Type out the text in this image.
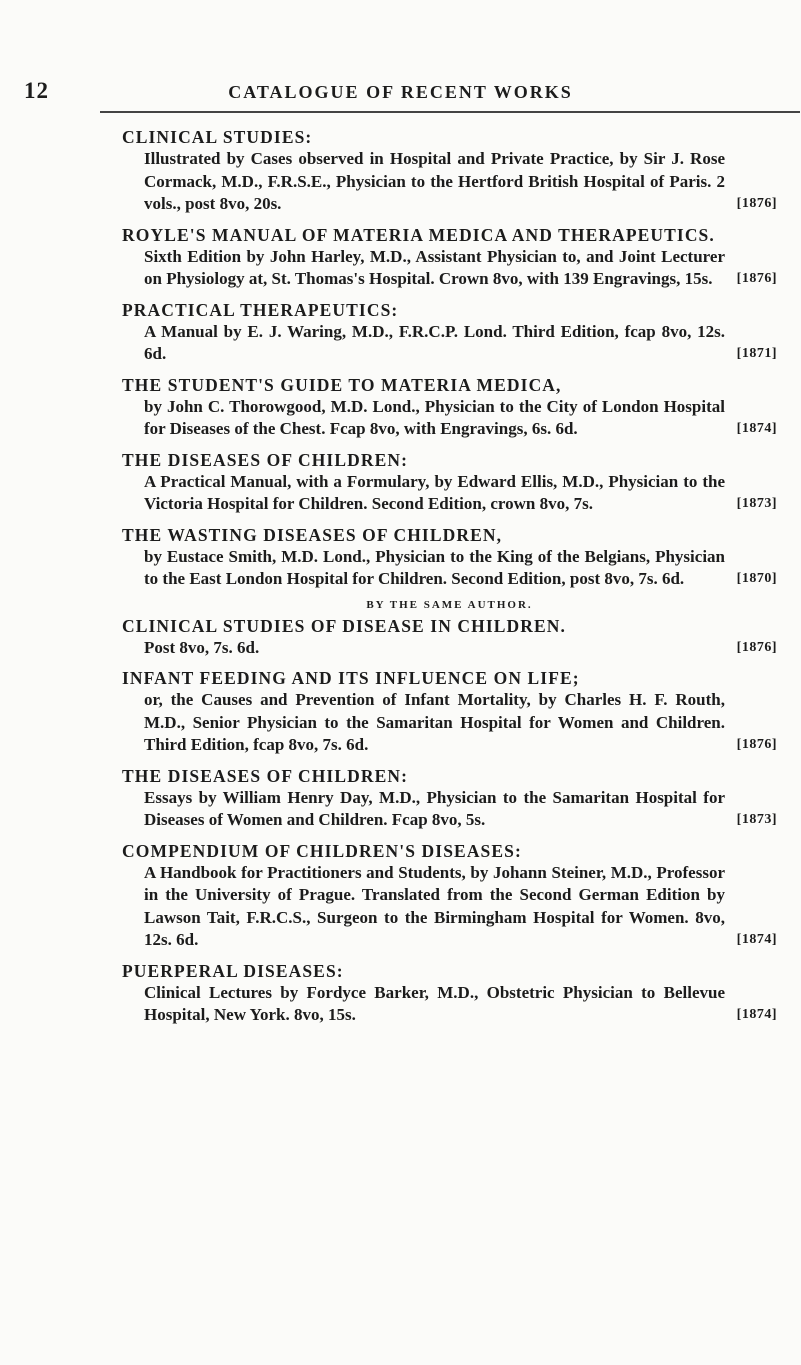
12	CATALOGUE OF RECENT WORKS
CLINICAL STUDIES:
Illustrated by Cases observed in Hospital and Private Practice, by Sir J. Rose Cormack, M.D., F.R.S.E., Physician to the Hertford British Hospital of Paris. 2 vols., post 8vo, 20s.	[1876]
ROYLE'S MANUAL OF MATERIA MEDICA AND THERAPEUTICS.
Sixth Edition by John Harley, M.D., Assistant Physician to, and Joint Lecturer on Physiology at, St. Thomas's Hospital. Crown 8vo, with 139 Engravings, 15s. [1876]
PRACTICAL THERAPEUTICS:
A Manual by E. J. Waring, M.D., F.R.C.P. Lond. Third Edition, fcap 8vo, 12s. 6d.	[1871]
THE STUDENT'S GUIDE TO MATERIA MEDICA,
by John C. Thorowgood, M.D. Lond., Physician to the City of London Hospital for Diseases of the Chest. Fcap 8vo, with Engravings, 6s. 6d.	[1874]
THE DISEASES OF CHILDREN:
A Practical Manual, with a Formulary, by Edward Ellis, M.D., Physician to the Victoria Hospital for Children. Second Edition, crown 8vo, 7s.	[1873]
THE WASTING DISEASES OF CHILDREN,
by Eustace Smith, M.D. Lond., Physician to the King of the Belgians, Physician to the East London Hospital for Children. Second Edition, post 8vo, 7s. 6d.	[1870]
BY THE SAME AUTHOR.
CLINICAL STUDIES OF DISEASE IN CHILDREN.
Post 8vo, 7s. 6d.	[1876]
INFANT FEEDING AND ITS INFLUENCE ON LIFE;
or, the Causes and Prevention of Infant Mortality, by Charles H. F. Routh, M.D., Senior Physician to the Samaritan Hospital for Women and Children. Third Edition, fcap 8vo, 7s. 6d.	[1876]
THE DISEASES OF CHILDREN:
Essays by William Henry Day, M.D., Physician to the Samaritan Hospital for Diseases of Women and Children. Fcap 8vo, 5s.	[1873]
COMPENDIUM OF CHILDREN'S DISEASES:
A Handbook for Practitioners and Students, by Johann Steiner, M.D., Professor in the University of Prague. Translated from the Second German Edition by Lawson Tait, F.R.C.S., Surgeon to the Birmingham Hospital for Women. 8vo, 12s. 6d.	[1874]
PUERPERAL DISEASES:
Clinical Lectures by Fordyce Barker, M.D., Obstetric Physician to Bellevue Hospital, New York. 8vo, 15s.	[1874]
